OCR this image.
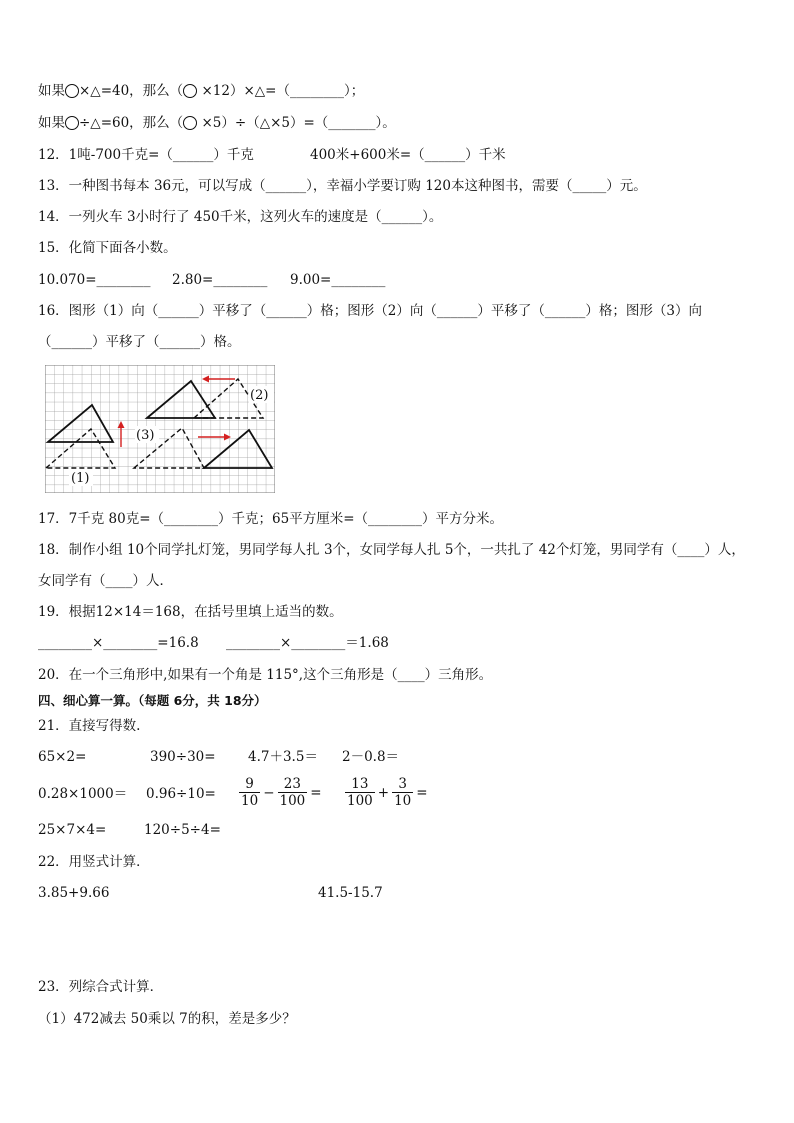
如果 ×△=40，那么（ ×12）×△=（________）；
如果 ÷△=60，那么（ ×5）÷（△×5）=（_______）。
12．1吨-700千克=（______）千克	400米+600米=（______）千米
13．一种图书每本 36元，可以写成（______），幸福小学要订购 120本这种图书，需要（_____）元。
14．一列火车 3小时行了 450千米，这列火车的速度是（______）。
15．化简下面各小数。
10.070=________ 2.80=________ 9.00=________
16．图形（1）向（______）平移了（______）格；图形（2）向（______）平移了（______）格；图形（3）向
（______）平移了（______）格。
(1)
(2)
(3)
17．7千克 80克=（________）千克；65平方厘米=（________）平方分米。
18．制作小组 10个同学扎灯笼，男同学每人扎 3个，女同学每人扎 5个，一共扎了 42个灯笼，男同学有（____）人，
女同学有（____）人．
19．根据12×14＝168，在括号里填上适当的数。
________×________=16.8 ________×________＝1.68
20．在一个三角形中,如果有一个角是 115°,这个三角形是（____）三角形。
四、细心算一算。（每题 6分，共 18分）
21．直接写得数.
65×2=	390÷30= 4.7＋3.5＝ 2－0.8＝
$0.28\times 1000= 0.96\div 10= \frac{9}{10} - \frac{23}{100} = \frac{13}{100} + \frac{3}{10}$ =
25×7×4=	120÷5÷4=
22．用竖式计算．
3.85+9.66	41.5-15.7
23．列综合式计算．
（1）472减去 50乘以 7的积，差是多少？
